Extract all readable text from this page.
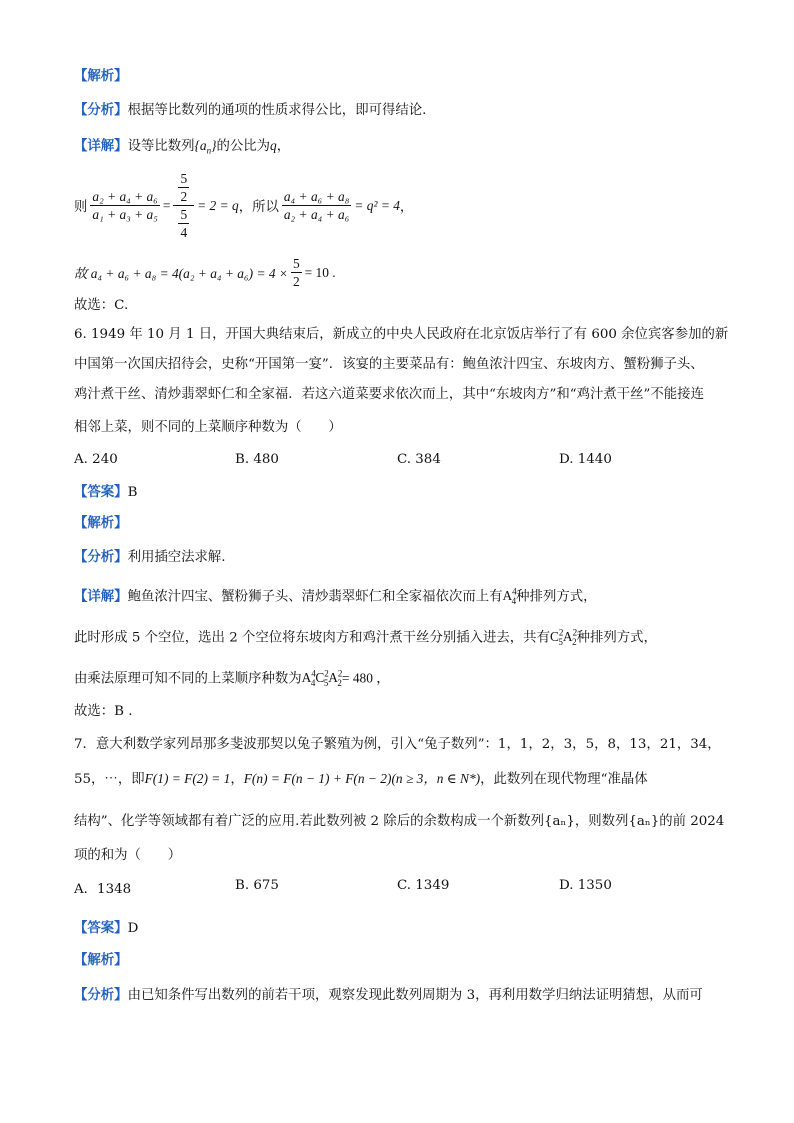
【解析】
【分析】根据等比数列的通项的性质求得公比，即可得结论.
【详解】设等比数列$\{a_n\}$的公比为q，
则 $\frac{\text{a₂ + a₄ + a₆}}{\text{a₁ + a₃ + a₅}} = \frac{\frac{5}{2}}{\frac{5}{4}} = 2 = q$ ，所以 $\frac{\text{a₄ + a₆ + a₈}}{\text{a₂ + a₄ + a₆}} = q^2 = 4$ ，
故 $a_4 + a_6 + a_8 = 4(a_2 + a_4 + a_6) = 4 \times \frac{5}{2} = 10$ .
故选：C.
6. 1949 年 10 月 1 日，开国大典结束后，新成立的中央人民政府在北京饭店举行了有 600 余位宾客参加的新
中国第一次国庆招待会，史称“开国第一宴”．该宴的主要菜品有：鲍鱼浓汁四宝、东坡肉方、蟹粉狮子头、
鸡汁煮干丝、清炒翡翠虾仁和全家福．若这六道菜要求依次而上，其中“东坡肉方”和“鸡汁煮干丝”不能接连
相邻上菜，则不同的上菜顺序种数为（　　）
A. 240	B. 480	C. 384	D. 1440
【答案】B
【解析】
【分析】利用插空法求解.
【详解】鲍鱼浓汁四宝、蟹粉狮子头、清炒翡翠虾仁和全家福依次而上有$A^4_4$种排列方式，
此时形成 5 个空位，选出 2 个空位将东坡肉方和鸡汁煮干丝分别插入进去，共有$C^2_5A^2_2$种排列方式，
由乘法原理可知不同的上菜顺序种数为$A^4_4C^2_5A^2_2= 480$ ，
故选：B .
7．意大利数学家列昂那多斐波那契以兔子繁殖为例，引入“兔子数列”：1，1，2，3，5，8，13，21，34，
55，⋯，即F(1) = F(2) = 1，F(n) = F(n − 1) + F(n − 2)(n ≥ 3，n ∈ N*)，此数列在现代物理“准晶体
结构”、化学等领域都有着广泛的应用.若此数列被 2 除后的余数构成一个新数列{aₙ}，则数列{aₙ}的前 2024
项的和为（　　）
A．1348	B. 675	C. 1349	D. 1350
【答案】D
【解析】
【分析】由已知条件写出数列的前若干项，观察发现此数列周期为 3，再利用数学归纳法证明猜想，从而可
